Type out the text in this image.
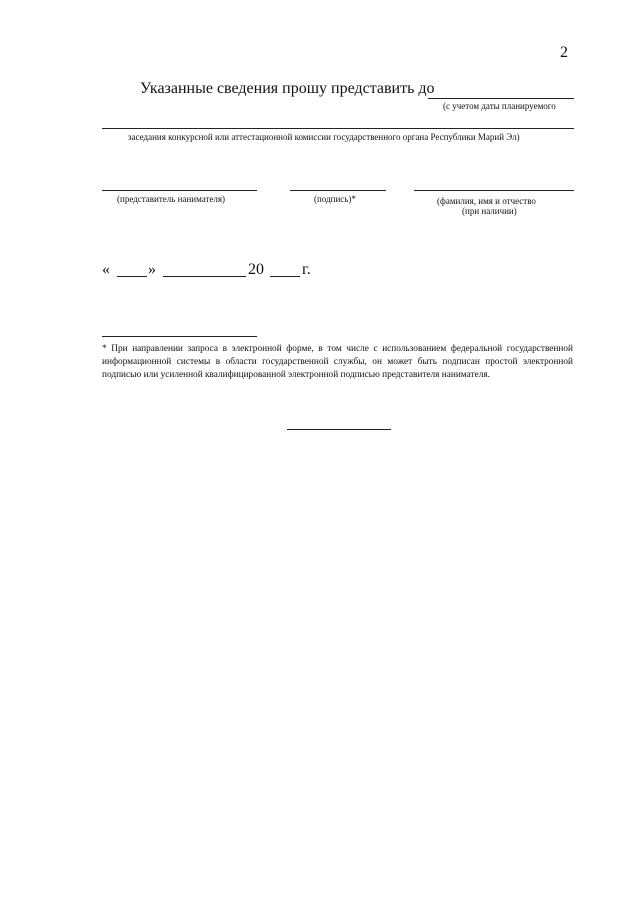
2
Указанные сведения прошу представить до
(с учетом даты планируемого
заседания конкурсной или аттестационной комиссии государственного органа Республики Марий Эл)
(представитель нанимателя)	(подпись)*	(фамилия, имя и отчество
(при наличии)
« »	20 г.
* При направлении запроса в электронной форме, в том числе с использованием федеральной государственной информационной системы в области государственной службы, он может быть подписан простой электронной подписью или усиленной квалифицированной электронной подписью представителя нанимателя.
